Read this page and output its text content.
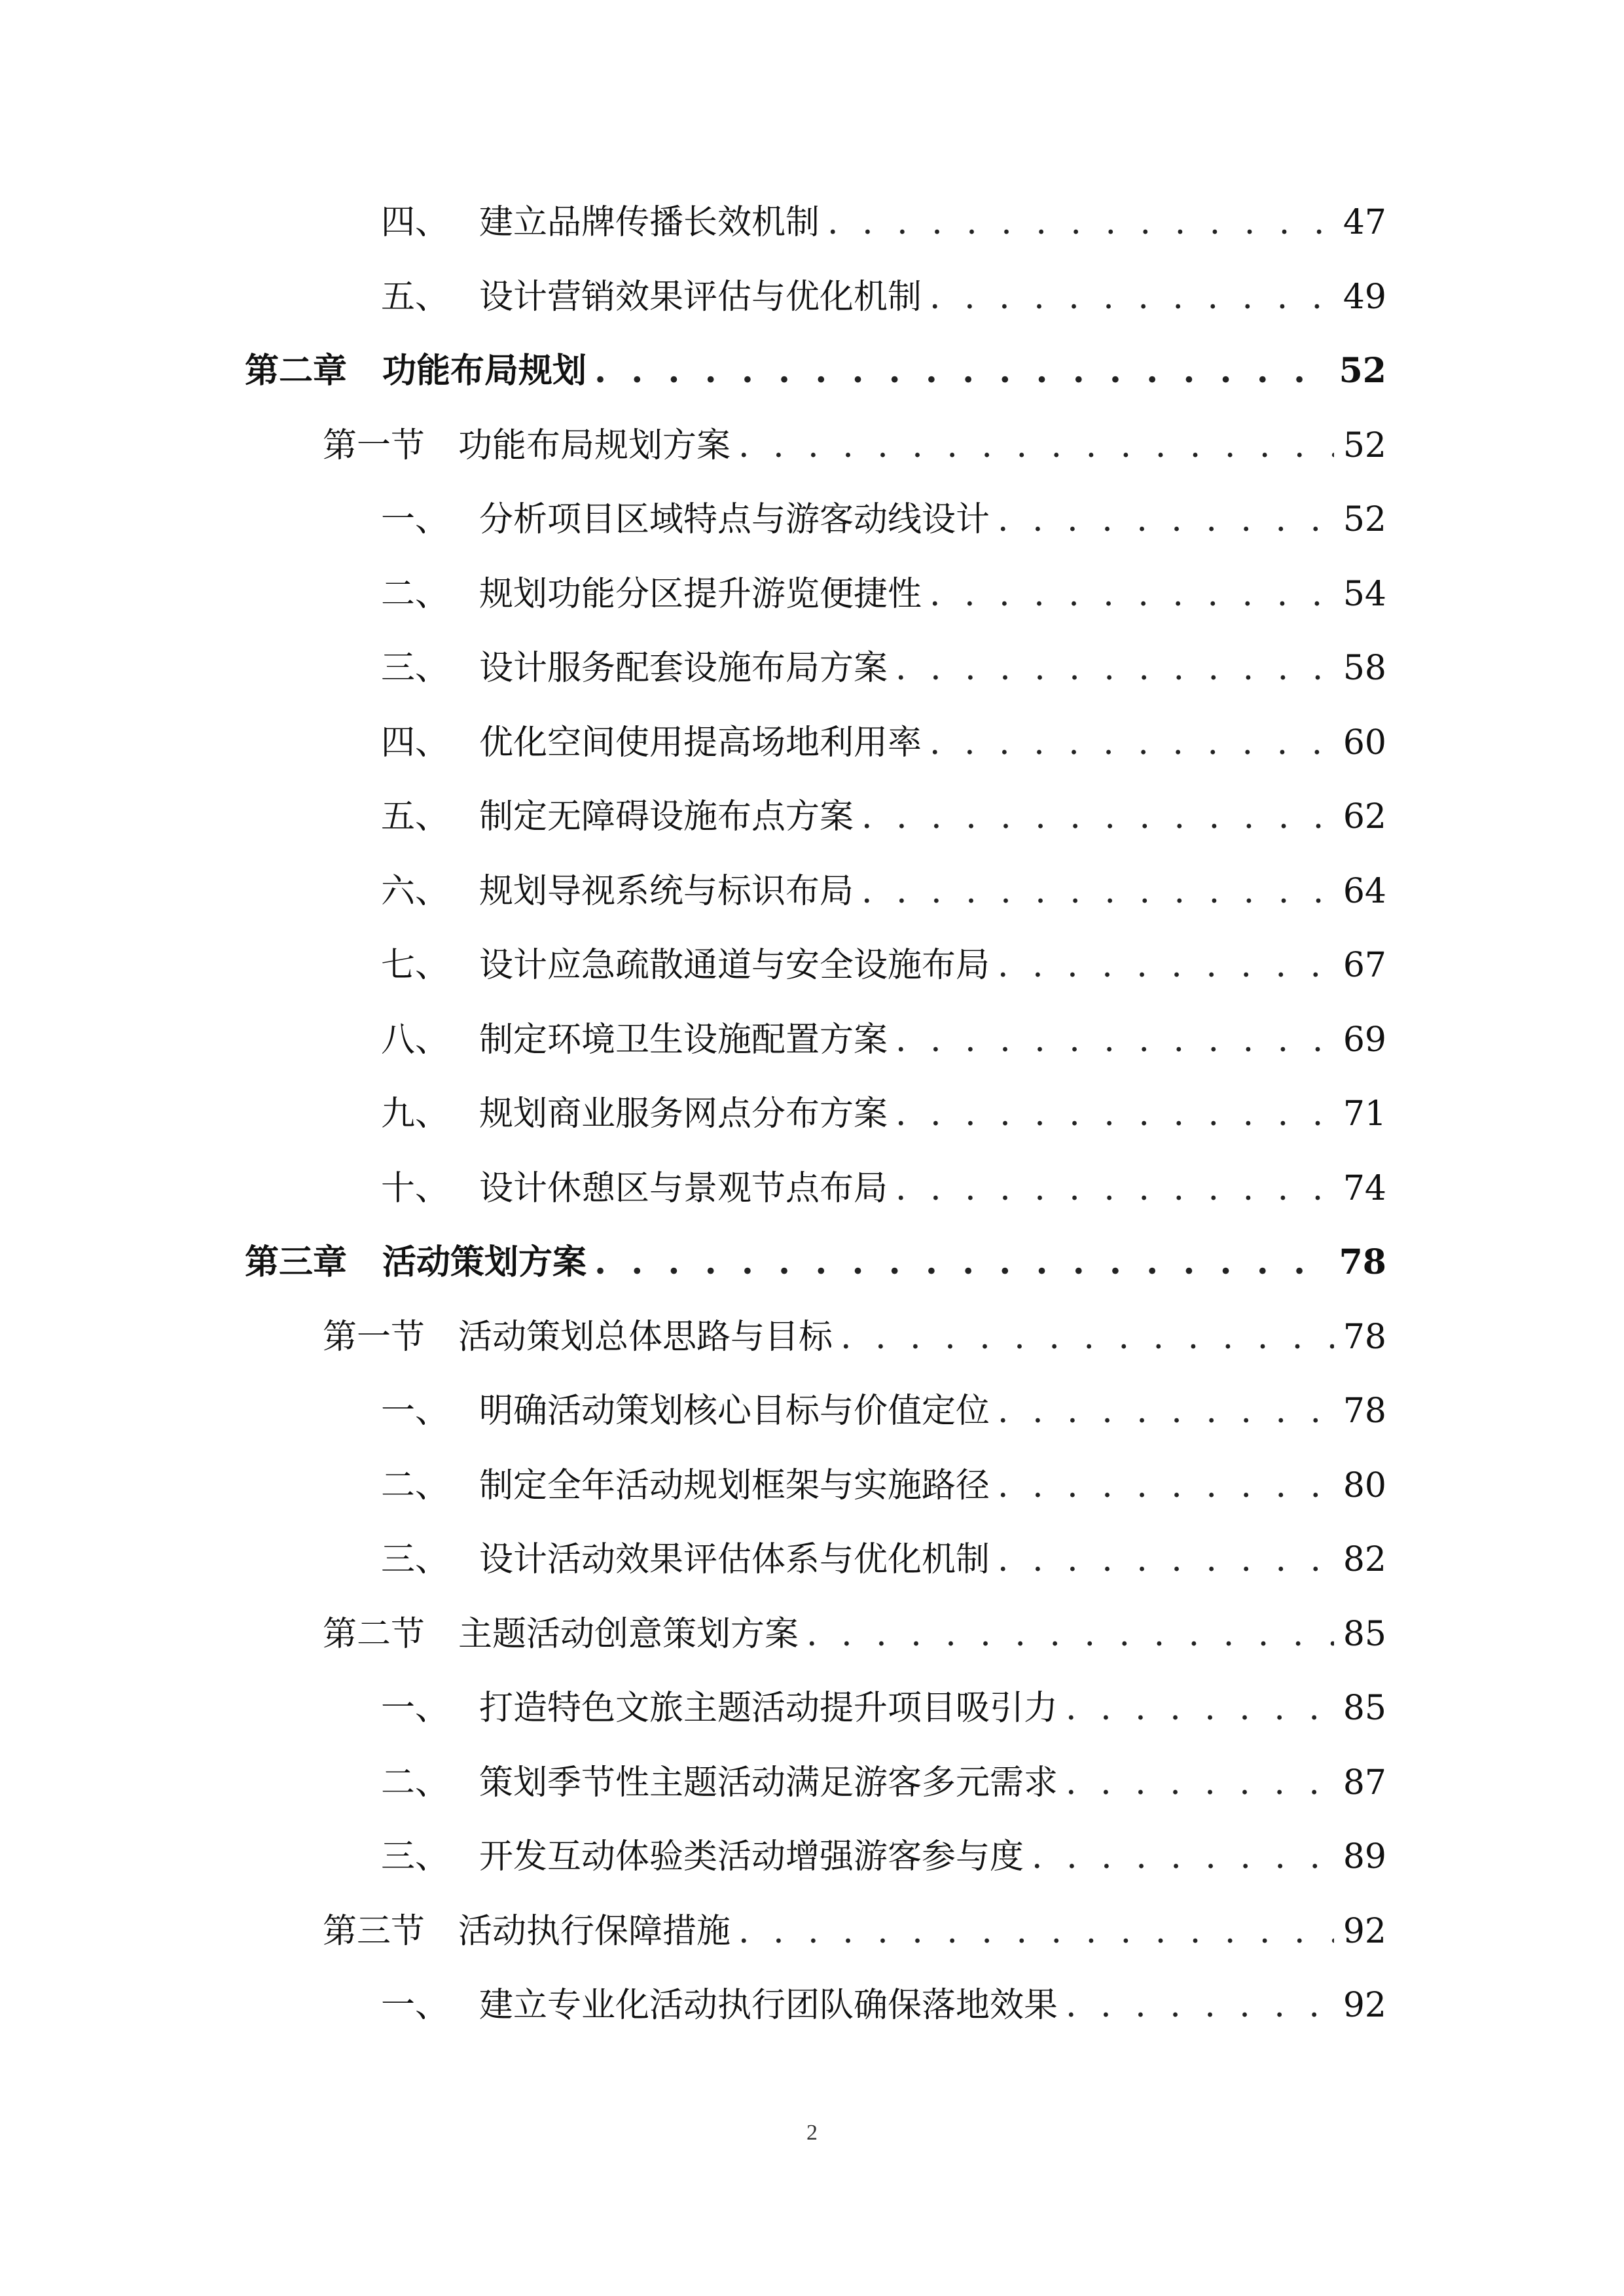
四、 建立品牌传播长效机制 . . .	47
五、 设计营销效果评估与优化机制 . . .	49
第二章	功能布局规划 . . .	52
第一节 功能布局规划方案 . . .	52
一、 分析项目区域特点与游客动线设计 . . .	52
二、 规划功能分区提升游览便捷性 . . .	54
三、 设计服务配套设施布局方案 . . .	58
四、 优化空间使用提高场地利用率 . . .	60
五、 制定无障碍设施布点方案 . . .	62
六、 规划导视系统与标识布局 . . .	64
七、 设计应急疏散通道与安全设施布局 . . .	67
八、 制定环境卫生设施配置方案 . . .	69
九、 规划商业服务网点分布方案 . . .	71
十、 设计休憩区与景观节点布局 . . .	74
第三章	活动策划方案 . . .	78
第一节 活动策划总体思路与目标 . . .	78
一、 明确活动策划核心目标与价值定位 . . .	78
二、 制定全年活动规划框架与实施路径 . . .	80
三、 设计活动效果评估体系与优化机制 . . .	82
第二节 主题活动创意策划方案 . . .	85
一、 打造特色文旅主题活动提升项目吸引力 . . .	85
二、 策划季节性主题活动满足游客多元需求 . . .	87
三、 开发互动体验类活动增强游客参与度 . . .	89
第三节 活动执行保障措施 . . .	92
一、 建立专业化活动执行团队确保落地效果 . . .	92
2
